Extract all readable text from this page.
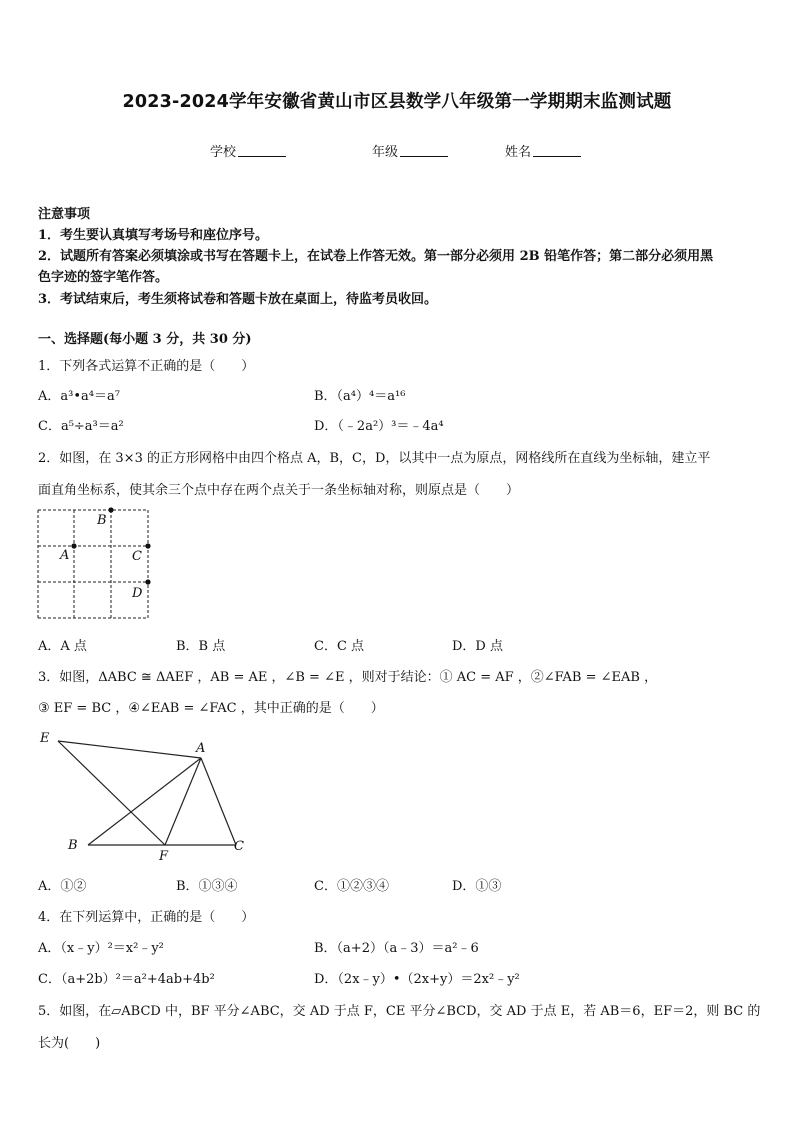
2023-2024学年安徽省黄山市区县数学八年级第一学期期末监测试题
学校	年级	姓名
注意事项
1．考生要认真填写考场号和座位序号。
2．试题所有答案必须填涂或书写在答题卡上，在试卷上作答无效。第一部分必须用 2B 铅笔作答；第二部分必须用黑
色字迹的签字笔作答。
3．考试结束后，考生须将试卷和答题卡放在桌面上，待监考员收回。
一、选择题(每小题 3 分，共 30 分)
1．下列各式运算不正确的是（　　）
A．a³•a⁴＝a⁷	B．（a⁴）⁴＝a¹⁶
C．a⁵÷a³＝a²	D．（﹣2a²）³＝﹣4a⁴
2．如图，在 3×3 的正方形网格中由四个格点 A，B，C，D，以其中一点为原点，网格线所在直线为坐标轴，建立平
面直角坐标系，使其余三个点中存在两个点关于一条坐标轴对称，则原点是（　　）
B
A	C
D
A．A 点	B．B 点	C．C 点	D．D 点
3．如图，ΔABC ≅ ΔAEF ，AB = AE ，∠B = ∠E ，则对于结论：① AC = AF ，②∠FAB = ∠EAB ，
③ EF = BC ，④∠EAB = ∠FAC ，其中正确的是（　　）
E
A
B
F
C
A．①②	B．①③④	C．①②③④	D．①③
4．在下列运算中，正确的是（　　）
A．（x﹣y）²＝x²﹣y²	B．（a+2）（a﹣3）＝a²﹣6
C．（a+2b）²＝a²+4ab+4b²	D．（2x﹣y）•（2x+y）＝2x²﹣y²
5．如图，在▱ABCD 中，BF 平分∠ABC，交 AD 于点 F，CE 平分∠BCD，交 AD 于点 E，若 AB＝6，EF＝2，则 BC 的
长为(　　)
